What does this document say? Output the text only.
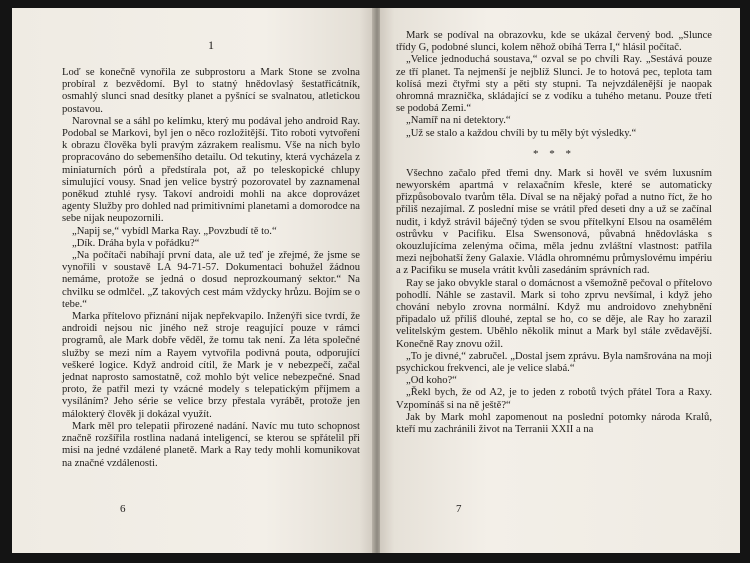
1

Loď se konečně vynořila ze subprostoru a Mark Stone se zvolna probíral z bezvědomí. Byl to statný hnědovlasý šestatřicátník, osmahlý slunci snad desítky planet a pyšnící se svalnatou, atletickou postavou.

Narovnal se a sáhl po kelímku, který mu podával jeho android Ray. Podobal se Markovi, byl jen o něco rozložitější. Tito roboti vytvoření k obrazu člověka byli pravým zázrakem realismu. Vše na nich bylo propracováno do sebemenšího detailu. Od tekutiny, která vycházela z miniaturních pórů a předstírala pot, až po teleskopické chlupy simulující vousy. Snad jen velice bystrý pozorovatel by zaznamenal poněkud ztuhlé rysy. Takoví androidi mohli na akce doprovázet agenty Služby pro dohled nad primitivními planetami a domorodce na sebe nijak neupozornili.

„Napij se,“ vybídl Marka Ray. „Povzbudí tě to.“

„Dík. Dráha byla v pořádku?“

„Na počítači nabíhají první data, ale už teď je zřejmé, že jsme se vynořili v soustavě LA 94-71-57. Dokumentaci bohužel žádnou nemáme, protože se jedná o dosud neprozkoumaný sektor.“ Na chvilku se odmlčel. „Z takových cest mám vždycky hrůzu. Bojím se o tebe.“

Marka přítelovo přiznání nijak nepřekvapilo. Inženýři sice tvrdí, že androidi nejsou nic jiného než stroje reagující pouze v rámci programů, ale Mark dobře věděl, že tomu tak není. Za léta společné služby se mezi ním a Rayem vytvořila podivná pouta, odporující veškeré logice. Když android cítil, že Mark je v nebezpečí, začal jednat naprosto samostatně, což mohlo být velice nebezpečné. Snad proto, že patřil mezi ty vzácné modely s telepatickým příjmem a vysíláním? Jeho série se velice brzy přestala vyrábět, protože jen málokterý člověk ji dokázal využít.

Mark měl pro telepatii přirozené nadání. Navíc mu tuto schopnost značně rozšířila rostlina nadaná inteligencí, se kterou se spřátelil při misi na jedné vzdálené planetě. Mark a Ray tedy mohli komunikovat na značné vzdálenosti.

6

Mark se podíval na obrazovku, kde se ukázal červený bod. „Slunce třídy G, podobné slunci, kolem něhož obíhá Terra I,“ hlásil počítač.

„Velice jednoduchá soustava,“ ozval se po chvíli Ray. „Sestává pouze ze tří planet. Ta nejmenší je nejblíž Slunci. Je to hotová pec, teplota tam kolísá mezi čtyřmi sty a pěti sty stupni. Ta nejvzdálenější je naopak ohromná mraznička, skládající se z vodíku a tuhého metanu. Pouze třetí se podobá Zemi.“

„Namíř na ni detektory.“

„Už se stalo a každou chvíli by tu měly být výsledky.“

* * *

Všechno začalo před třemi dny. Mark si hověl ve svém luxusním newyorském apartmá v relaxačním křesle, které se automaticky přizpůsobovalo tvarům těla. Díval se na nějaký pořad a nutno říct, že ho příliš nezajímal. Z poslední mise se vrátil před deseti dny a už se začínal nudit, i když strávil báječný týden se svou přítelkyní Elsou na osamělém ostrůvku v Pacifiku. Elsa Swensonová, půvabná hnědovláska s okouzlujícíma zelenýma očima, měla jednu zvláštní vlastnost: patřila mezi nejbohatší ženy Galaxie. Vládla ohromnému průmyslovému impériu a z Pacifiku se musela vrátit kvůli zasedáním správních rad.

Ray se jako obvykle staral o domácnost a všemožně pečoval o přítelovo pohodlí. Náhle se zastavil. Mark si toho zprvu nevšímal, i když jeho chování nebylo zrovna normální. Když mu androidovo znehybnění připadalo už příliš dlouhé, zeptal se ho, co se děje, ale Ray ho zarazil velitelským gestem. Uběhlo několik minut a Mark byl stále zvědavější. Konečně Ray znovu ožil.

„To je divné,“ zabručel. „Dostal jsem zprávu. Byla namšrována na moji psychickou frekvenci, ale je velice slabá.“

„Od koho?“

„Řekl bych, že od A2, je to jeden z robotů tvých přátel Tora a Raxy. Vzpomínáš si na ně ještě?“

Jak by Mark mohl zapomenout na poslední potomky národa Kralů, kteří mu zachránili život na Terranii XXII a na

7
